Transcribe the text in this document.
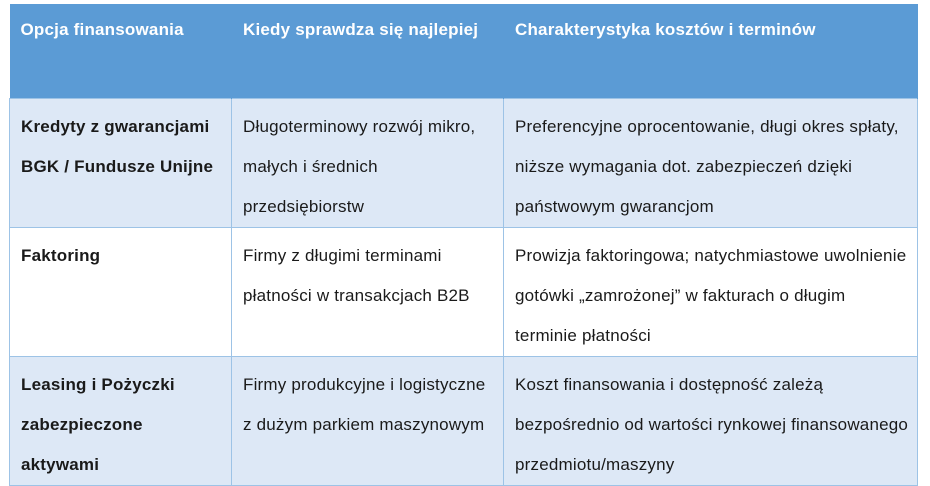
Opcja finansowania	Kiedy sprawdza się najlepiej	Charakterystyka kosztów i terminów
Kredyty z gwarancjami BGK / Fundusze Unijne	Długoterminowy rozwój mikro, małych i średnich przedsiębiorstw	Preferencyjne oprocentowanie, długi okres spłaty, niższe wymagania dot. zabezpieczeń dzięki państwowym gwarancjom
Faktoring	Firmy z długimi terminami płatności w transakcjach B2B	Prowizja faktoringowa; natychmiastowe uwolnienie gotówki „zamrożonej” w fakturach o długim terminie płatności
Leasing i Pożyczki zabezpieczone aktywami	Firmy produkcyjne i logistyczne z dużym parkiem maszynowym	Koszt finansowania i dostępność zależą bezpośrednio od wartości rynkowej finansowanego przedmiotu/maszyny
